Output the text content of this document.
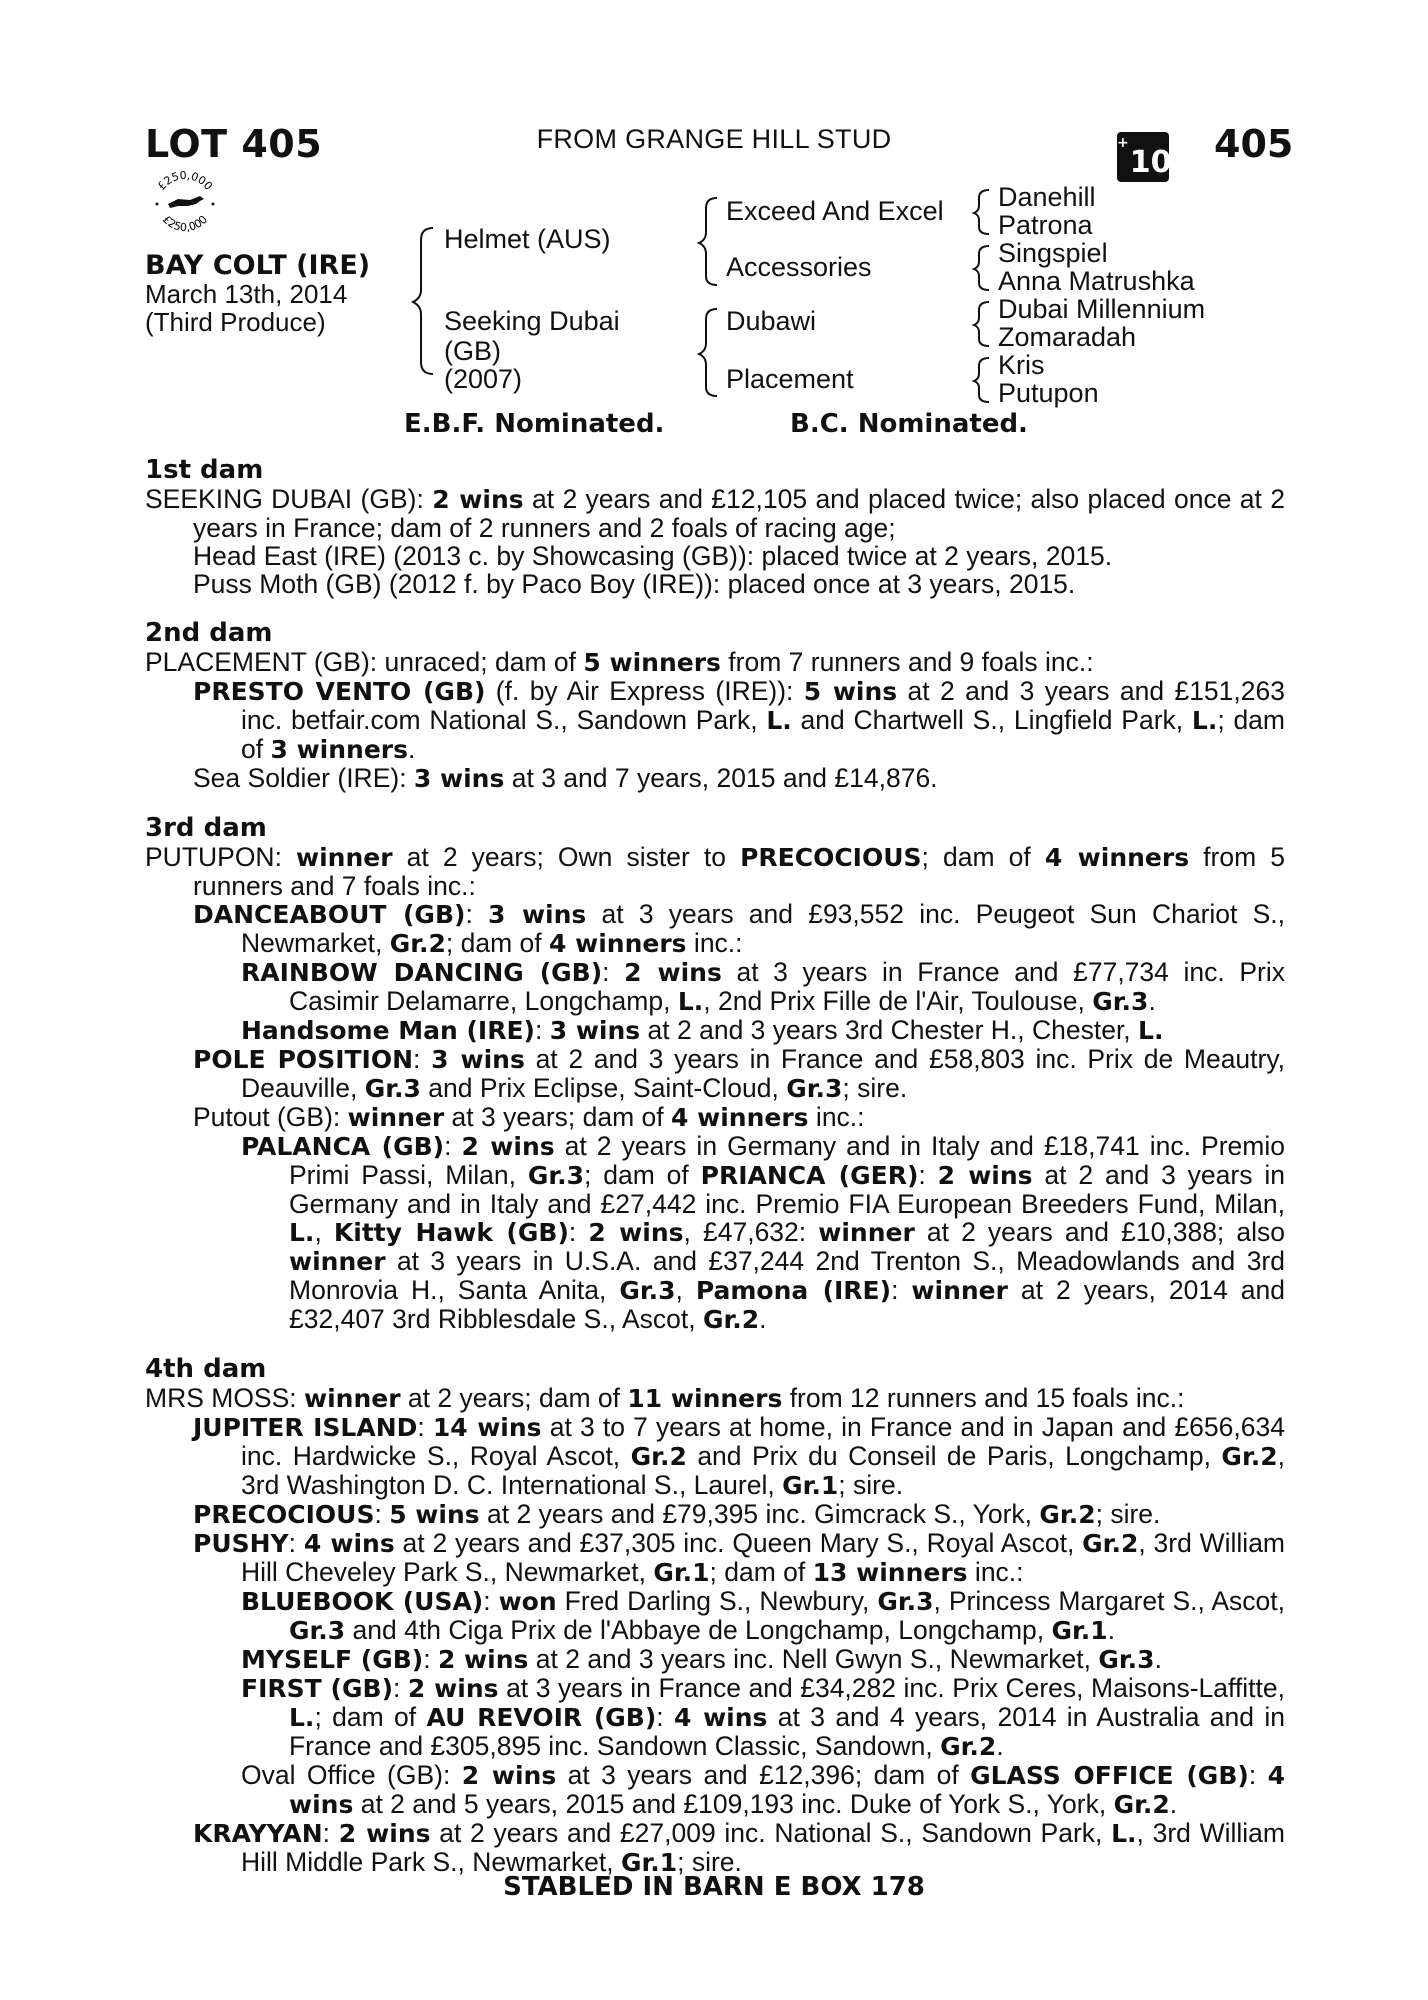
LOT 405	FROM GRANGE HILL STUD	+10 405
£250,000
£250,000
BAY COLT (IRE)
March 13th, 2014
(Third Produce)
Helmet (AUS)
Seeking Dubai
(GB)
(2007)
Exceed And Excel
Accessories
Dubawi
Placement
Danehill
Patrona
Singspiel
Anna Matrushka
Dubai Millennium
Zomaradah
Kris
Putupon
E.B.F. Nominated.	B.C. Nominated.
1st dam

SEEKING DUBAI (GB): 2 wins at 2 years and £12,105 and placed twice; also placed once at 2 years in France; dam of 2 runners and 2 foals of racing age;

Head East (IRE) (2013 c. by Showcasing (GB)): placed twice at 2 years, 2015.

Puss Moth (GB) (2012 f. by Paco Boy (IRE)): placed once at 3 years, 2015.

2nd dam

PLACEMENT (GB): unraced; dam of 5 winners from 7 runners and 9 foals inc.:

PRESTO VENTO (GB) (f. by Air Express (IRE)): 5 wins at 2 and 3 years and £151,263 inc. betfair.com National S., Sandown Park, L. and Chartwell S., Lingfield Park, L.; dam of 3 winners.

Sea Soldier (IRE): 3 wins at 3 and 7 years, 2015 and £14,876.

3rd dam

PUTUPON: winner at 2 years; Own sister to PRECOCIOUS; dam of 4 winners from 5 runners and 7 foals inc.:

DANCEABOUT (GB): 3 wins at 3 years and £93,552 inc. Peugeot Sun Chariot S., Newmarket, Gr.2; dam of 4 winners inc.:

RAINBOW DANCING (GB): 2 wins at 3 years in France and £77,734 inc. Prix Casimir Delamarre, Longchamp, L., 2nd Prix Fille de l'Air, Toulouse, Gr.3.

Handsome Man (IRE): 3 wins at 2 and 3 years 3rd Chester H., Chester, L.

POLE POSITION: 3 wins at 2 and 3 years in France and £58,803 inc. Prix de Meautry, Deauville, Gr.3 and Prix Eclipse, Saint-Cloud, Gr.3; sire.

Putout (GB): winner at 3 years; dam of 4 winners inc.:

PALANCA (GB): 2 wins at 2 years in Germany and in Italy and £18,741 inc. Premio Primi Passi, Milan, Gr.3; dam of PRIANCA (GER): 2 wins at 2 and 3 years in Germany and in Italy and £27,442 inc. Premio FIA European Breeders Fund, Milan, L., Kitty Hawk (GB): 2 wins, £47,632: winner at 2 years and £10,388; also winner at 3 years in U.S.A. and £37,244 2nd Trenton S., Meadowlands and 3rd Monrovia H., Santa Anita, Gr.3, Pamona (IRE): winner at 2 years, 2014 and £32,407 3rd Ribblesdale S., Ascot, Gr.2.

4th dam

MRS MOSS: winner at 2 years; dam of 11 winners from 12 runners and 15 foals inc.:

JUPITER ISLAND: 14 wins at 3 to 7 years at home, in France and in Japan and £656,634 inc. Hardwicke S., Royal Ascot, Gr.2 and Prix du Conseil de Paris, Longchamp, Gr.2, 3rd Washington D. C. International S., Laurel, Gr.1; sire.

PRECOCIOUS: 5 wins at 2 years and £79,395 inc. Gimcrack S., York, Gr.2; sire.

PUSHY: 4 wins at 2 years and £37,305 inc. Queen Mary S., Royal Ascot, Gr.2, 3rd William Hill Cheveley Park S., Newmarket, Gr.1; dam of 13 winners inc.:

BLUEBOOK (USA): won Fred Darling S., Newbury, Gr.3, Princess Margaret S., Ascot, Gr.3 and 4th Ciga Prix de l'Abbaye de Longchamp, Longchamp, Gr.1.

MYSELF (GB): 2 wins at 2 and 3 years inc. Nell Gwyn S., Newmarket, Gr.3.

FIRST (GB): 2 wins at 3 years in France and £34,282 inc. Prix Ceres, Maisons-Laffitte, L.; dam of AU REVOIR (GB): 4 wins at 3 and 4 years, 2014 in Australia and in France and £305,895 inc. Sandown Classic, Sandown, Gr.2.

Oval Office (GB): 2 wins at 3 years and £12,396; dam of GLASS OFFICE (GB): 4 wins at 2 and 5 years, 2015 and £109,193 inc. Duke of York S., York, Gr.2.

KRAYYAN: 2 wins at 2 years and £27,009 inc. National S., Sandown Park, L., 3rd William Hill Middle Park S., Newmarket, Gr.1; sire.

STABLED IN BARN E BOX 178
